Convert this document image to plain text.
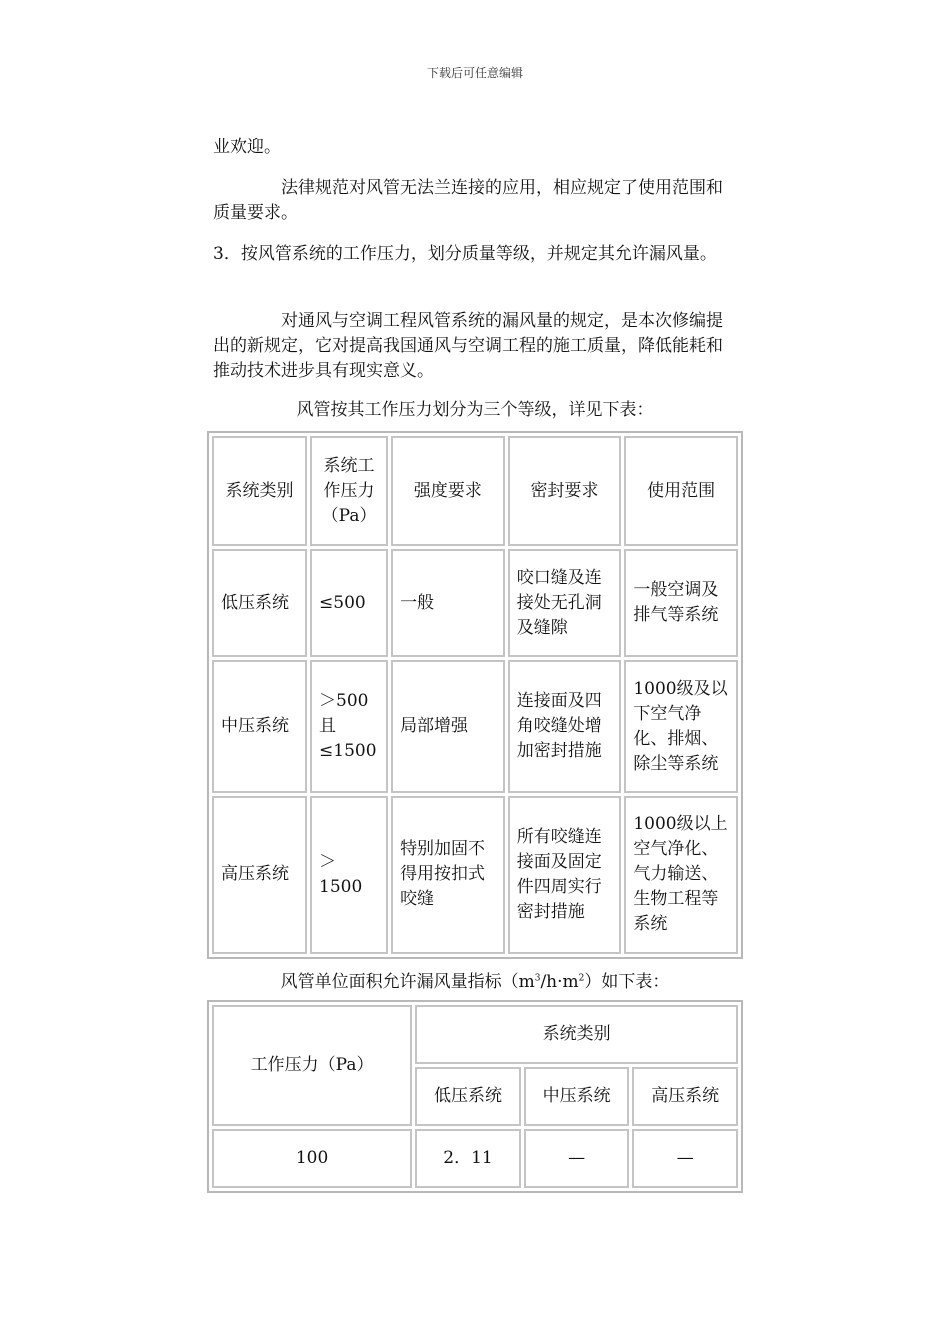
下载后可任意编辑

业欢迎。

法律规范对风管无法兰连接的应用，相应规定了使用范围和质量要求。

3．按风管系统的工作压力，划分质量等级，并规定其允许漏风量。

对通风与空调工程风管系统的漏风量的规定，是本次修编提出的新规定，它对提高我国通风与空调工程的施工质量，降低能耗和推动技术进步具有现实意义。

风管按其工作压力划分为三个等级，详见下表：
系统类别	系统工作压力（Pa）	强度要求	密封要求	使用范围
低压系统	≤500	一般	咬口缝及连接处无孔洞及缝隙	一般空调及排气等系统
中压系统	＞500且≤1500	局部增强	连接面及四角咬缝处增加密封措施	1000级及以下空气净化、排烟、除尘等系统
高压系统	＞1500	特别加固不得用按扣式咬缝	所有咬缝连接面及固定件四周实行密封措施	1000级以上空气净化、气力输送、生物工程等系统
风管单位面积允许漏风量指标$(m^3/h\cdot m^2)$如下表：
工作压力（Pa）	系统类别		
	低压系统	中压系统	高压系统
100	2．11	—	—
